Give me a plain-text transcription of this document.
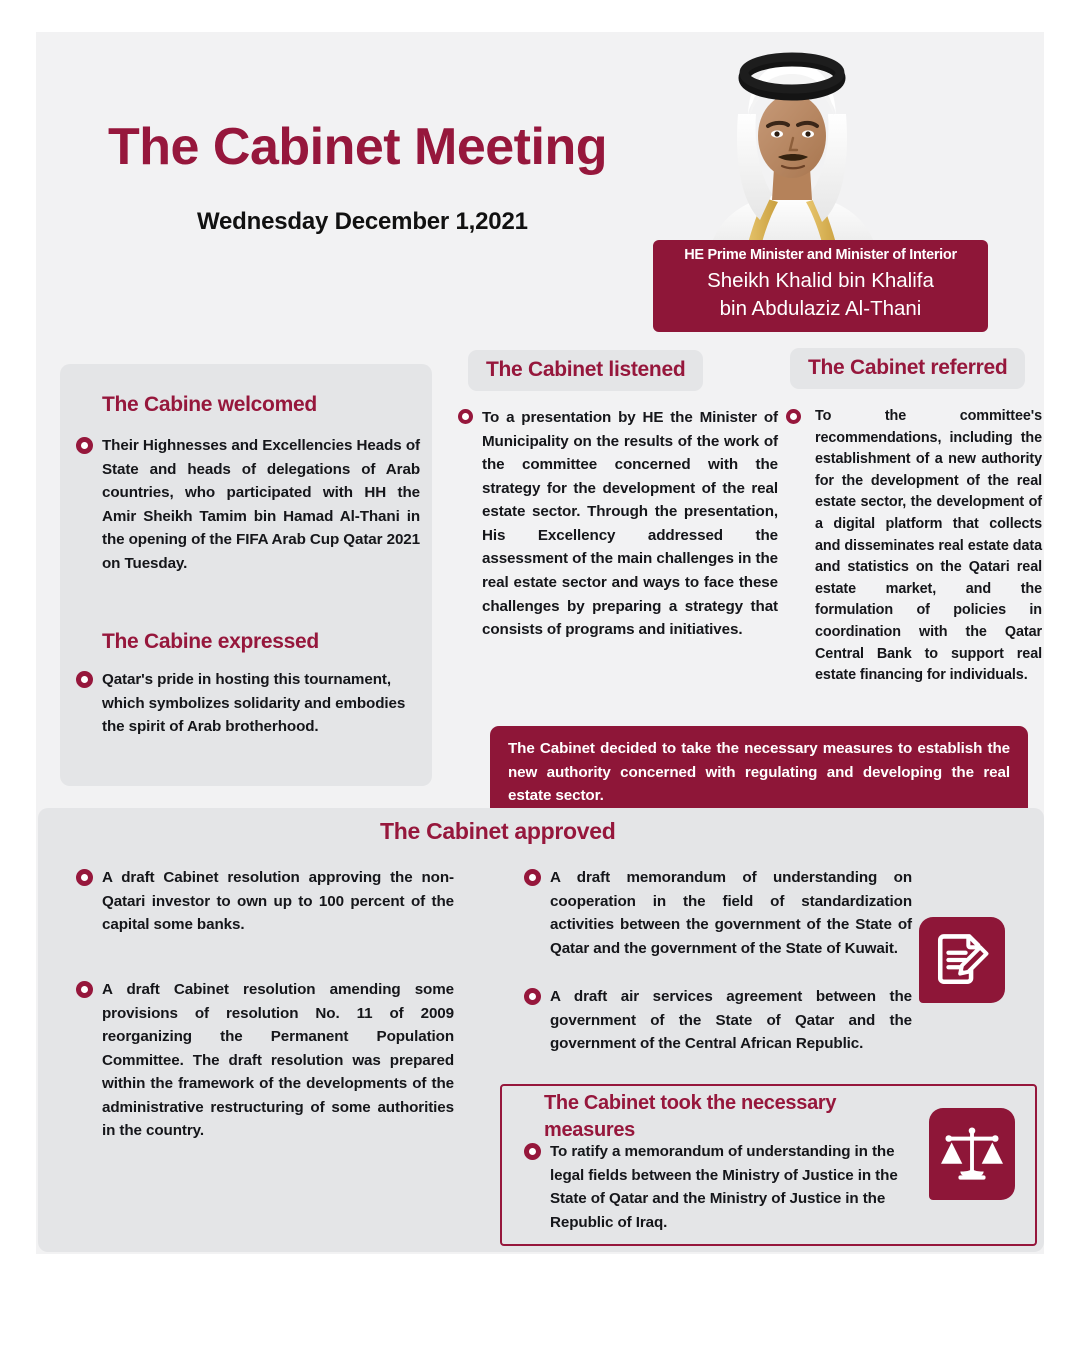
The Cabinet Meeting
Wednesday December 1,2021
HE Prime Minister and Minister of Interior
Sheikh Khalid bin Khalifa
bin Abdulaziz Al-Thani
The Cabine welcomed
Their Highnesses and Excellencies Heads of State and heads of delegations of Arab countries, who participated with HH the Amir Sheikh Tamim bin Hamad Al-Thani in the opening of the FIFA Arab Cup Qatar 2021 on Tuesday.
The Cabine expressed
Qatar's pride in hosting this tournament, which symbolizes solidarity and embodies the spirit of Arab brotherhood.
The Cabinet listened
To a presentation by HE the Minister of Municipality on the results of the work of the committee concerned with the strategy for the development of the real estate sector. Through the presentation, His Excellency addressed the assessment of the main challenges in the real estate sector and ways to face these challenges by preparing a strategy that consists of programs and initiatives.
The Cabinet referred
To the committee's recommendations, including the establishment of a new authority for the development of the real estate sector, the development of a digital platform that collects and disseminates real estate data and statistics on the Qatari real estate market, and the formulation of policies in coordination with the Qatar Central Bank to support real estate financing for individuals.
The Cabinet decided to take the necessary measures to establish the new authority concerned with regulating and developing the real estate sector.
The Cabinet approved
A draft Cabinet resolution approving the non-Qatari investor to own up to 100 percent of the capital some banks.
A draft Cabinet resolution amending some provisions of resolution No. 11 of 2009 reorganizing the Permanent Population Committee. The draft resolution was prepared within the framework of the developments of the administrative restructuring of some authorities in the country.
A draft memorandum of understanding on cooperation in the field of standardization activities between the government of the State of Qatar and the government of the State of Kuwait.
A draft air services agreement between the government of the State of Qatar and the government of the Central African Republic.
The Cabinet took the necessary measures
To ratify a memorandum of understanding in the legal fields between the Ministry of Justice in the State of Qatar and the Ministry of Justice in the Republic of Iraq.
